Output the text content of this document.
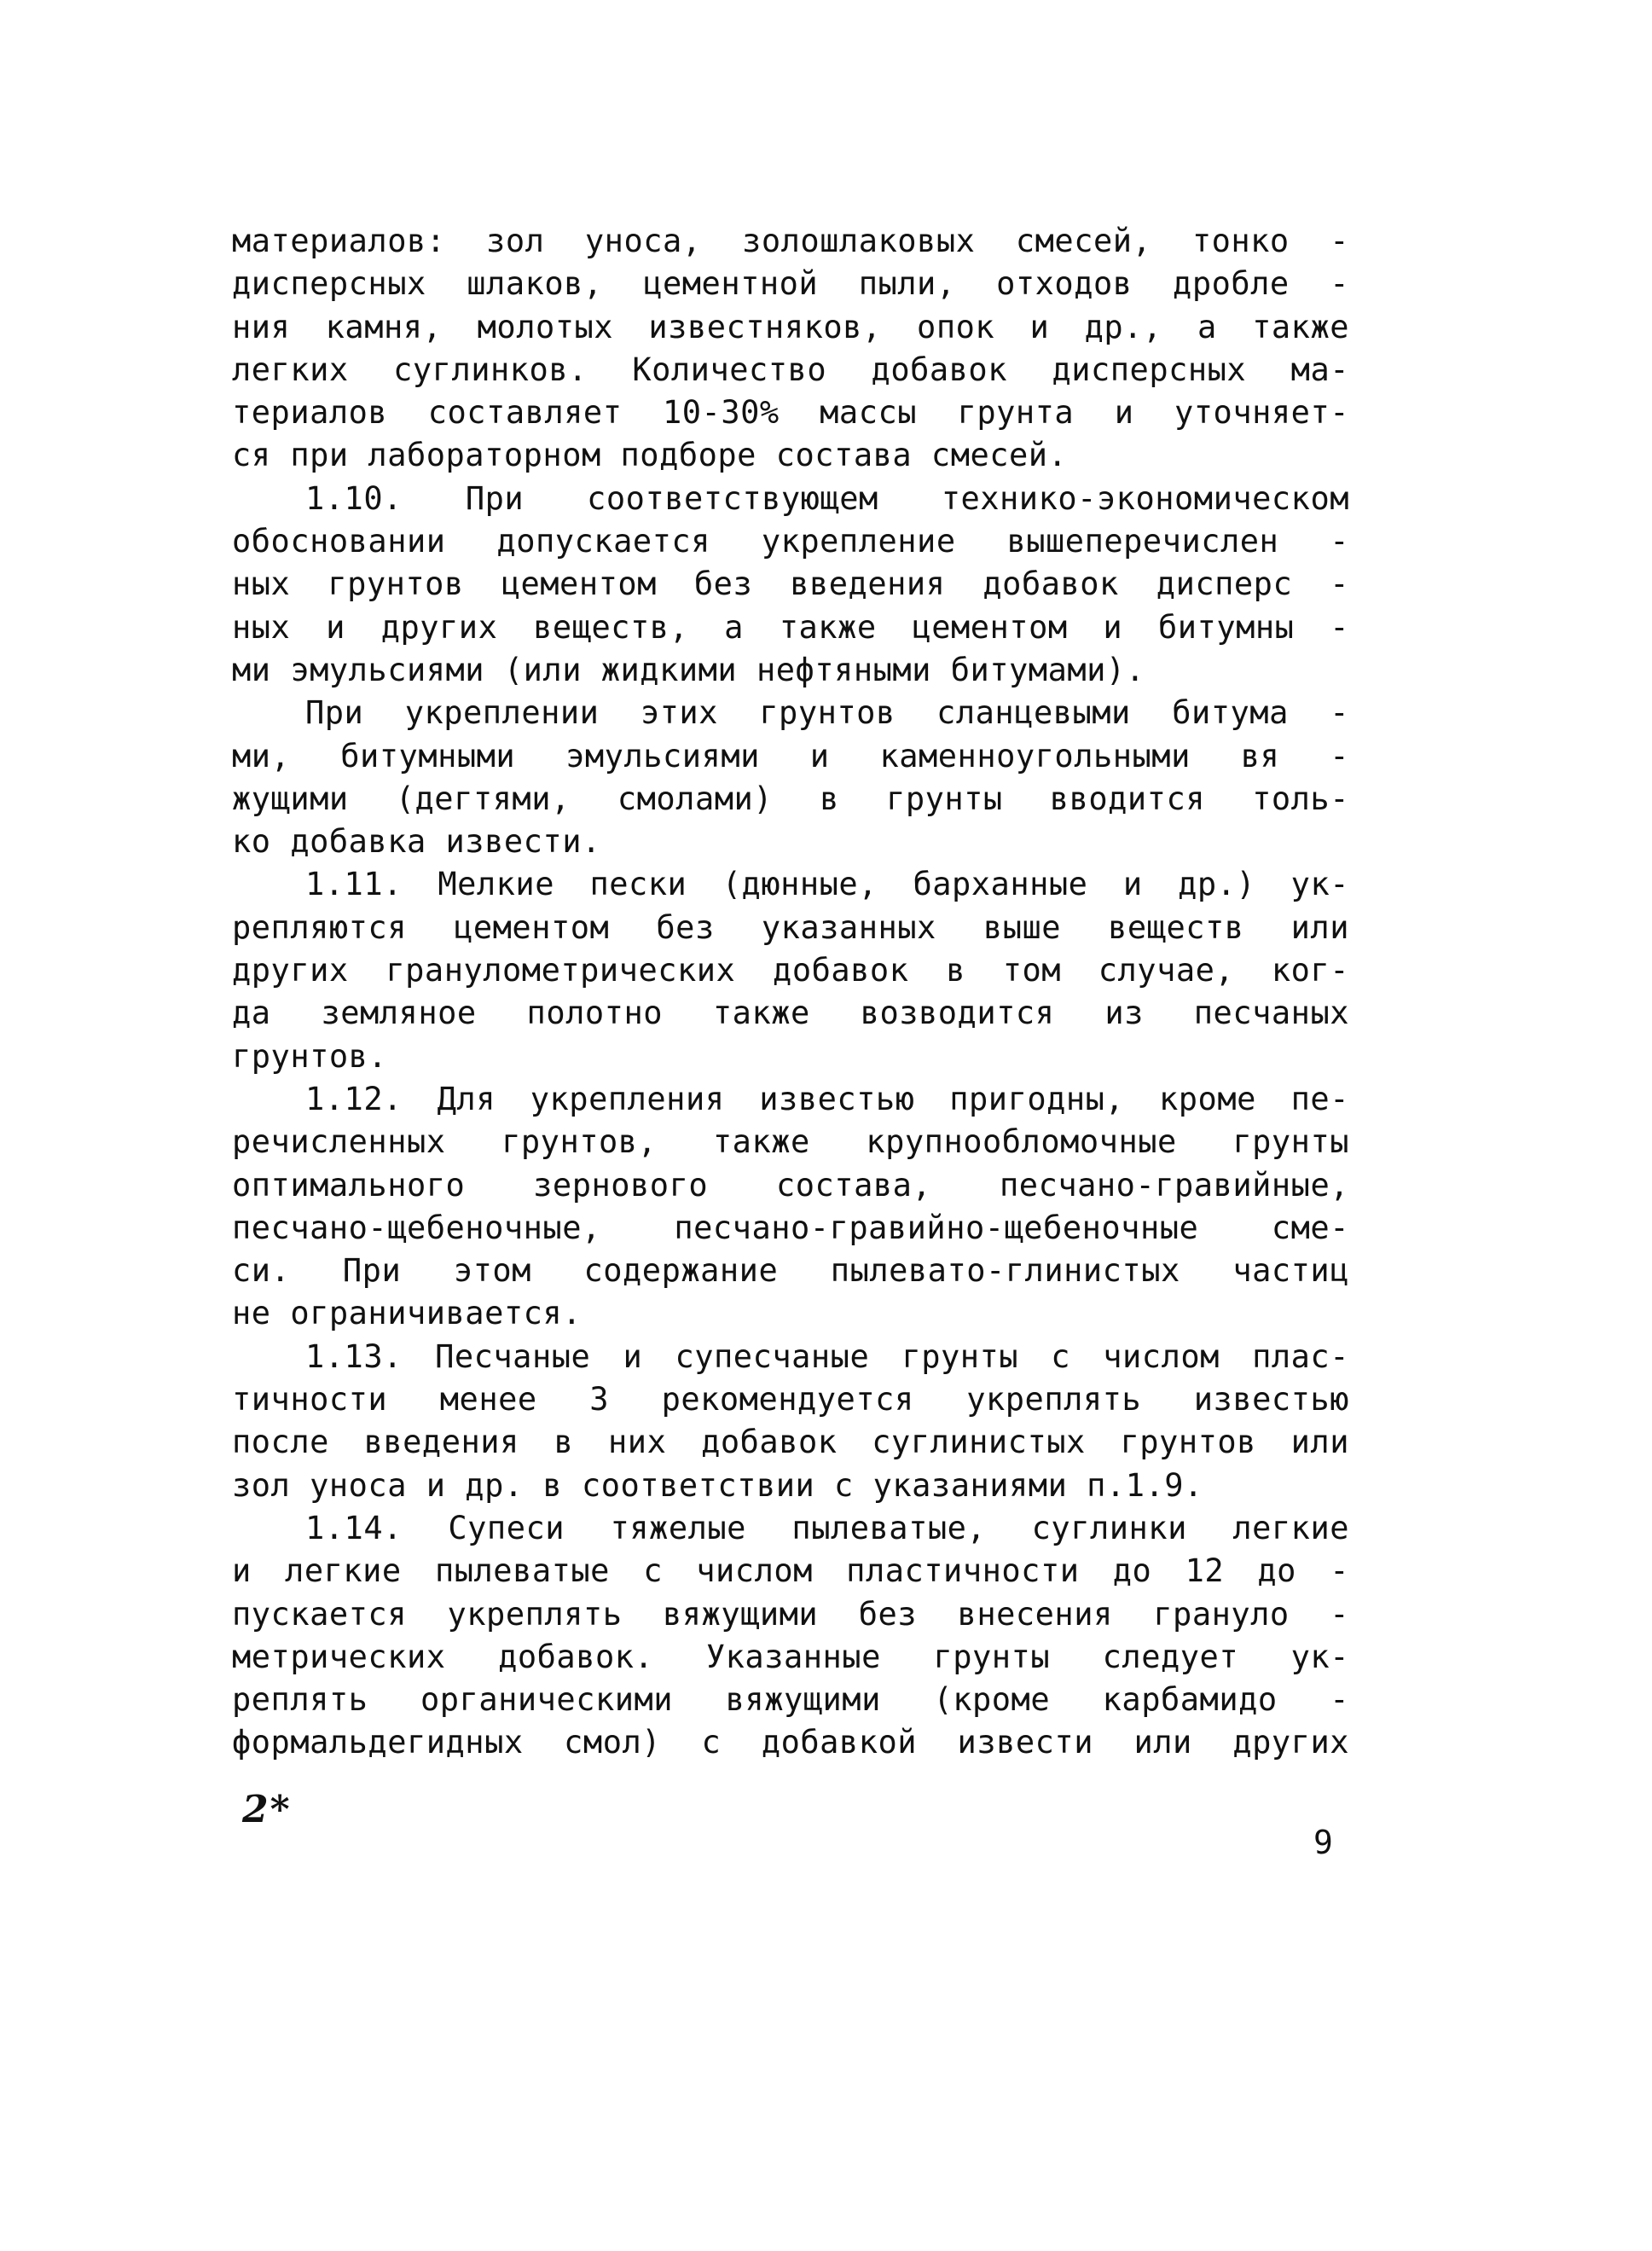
материалов: зол уноса, золошлаковых смесей, тонко -
дисперсных шлаков, цементной пыли, отходов дробле -
ния камня, молотых известняков, опок и др., а также
легких суглинков. Количество добавок дисперсных ма-
териалов составляет 10-30% массы грунта и уточняет-
ся при лабораторном подборе состава смесей.
1.10. При соответствующем технико-экономическом
обосновании допускается укрепление вышеперечислен -
ных грунтов цементом без введения добавок дисперс -
ных и других веществ, а также цементом и битумны -
ми эмульсиями (или жидкими нефтяными битумами).
При укреплении этих грунтов сланцевыми битума -
ми, битумными эмульсиями и каменноугольными вя -
жущими (дегтями, смолами) в грунты вводится толь-
ко добавка извести.
1.11. Мелкие пески (дюнные, барханные и др.) ук-
репляются цементом без указанных выше веществ или
других гранулометрических добавок в том случае, ког-
да земляное полотно также возводится из песчаных
грунтов.
1.12. Для укрепления известью пригодны, кроме пе-
речисленных грунтов, также крупнообломочные грунты
оптимального зернового состава, песчано-гравийные,
песчано-щебеночные, песчано-гравийно-щебеночные сме-
си. При этом содержание пылевато-глинистых частиц
не ограничивается.
1.13. Песчаные и супесчаные грунты с числом плас-
тичности менее 3 рекомендуется укреплять известью
после введения в них добавок суглинистых грунтов или
зол уноса и др. в соответствии с указаниями п.1.9.
1.14. Супеси тяжелые пылеватые, суглинки легкие
и легкие пылеватые с числом пластичности до 12 до -
пускается укреплять вяжущими без внесения грануло -
метрических добавок. Указанные грунты следует ук-
реплять органическими вяжущими (кроме карбамидо -
формальдегидных смол) с добавкой извести или других
2*
9
